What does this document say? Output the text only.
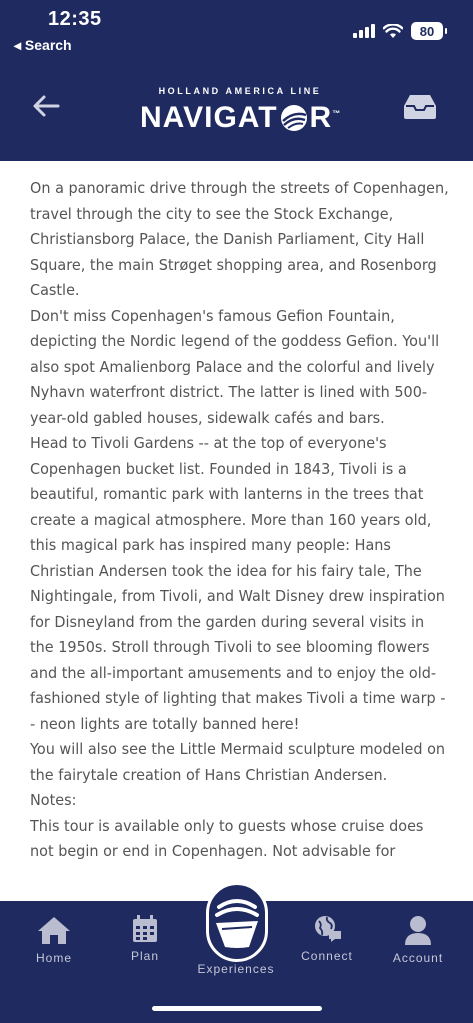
12:35
◂ Search
80
HOLLAND AMERICA LINE
NAVIGAT R ™

On a panoramic drive through the streets of Copenhagen, travel through the city to see the Stock Exchange, Christiansborg Palace, the Danish Parliament, City Hall Square, the main Strøget shopping area, and Rosenborg Castle.

Don't miss Copenhagen's famous Gefion Fountain, depicting the Nordic legend of the goddess Gefion. You'll also spot Amalienborg Palace and the colorful and lively Nyhavn waterfront district. The latter is lined with 500-year-old gabled houses, sidewalk cafés and bars.

Head to Tivoli Gardens -- at the top of everyone's Copenhagen bucket list. Founded in 1843, Tivoli is a beautiful, romantic park with lanterns in the trees that create a magical atmosphere. More than 160 years old, this magical park has inspired many people: Hans Christian Andersen took the idea for his fairy tale, The Nightingale, from Tivoli, and Walt Disney drew inspiration for Disneyland from the garden during several visits in the 1950s. Stroll through Tivoli to see blooming flowers and the all-important amusements and to enjoy the old-fashioned style of lighting that makes Tivoli a time warp -- neon lights are totally banned here!

You will also see the Little Mermaid sculpture modeled on the fairytale creation of Hans Christian Andersen.

Notes:

This tour is available only to guests whose cruise does not begin or end in Copenhagen. Not advisable for

Home	Plan	Connect	Account
Experiences
